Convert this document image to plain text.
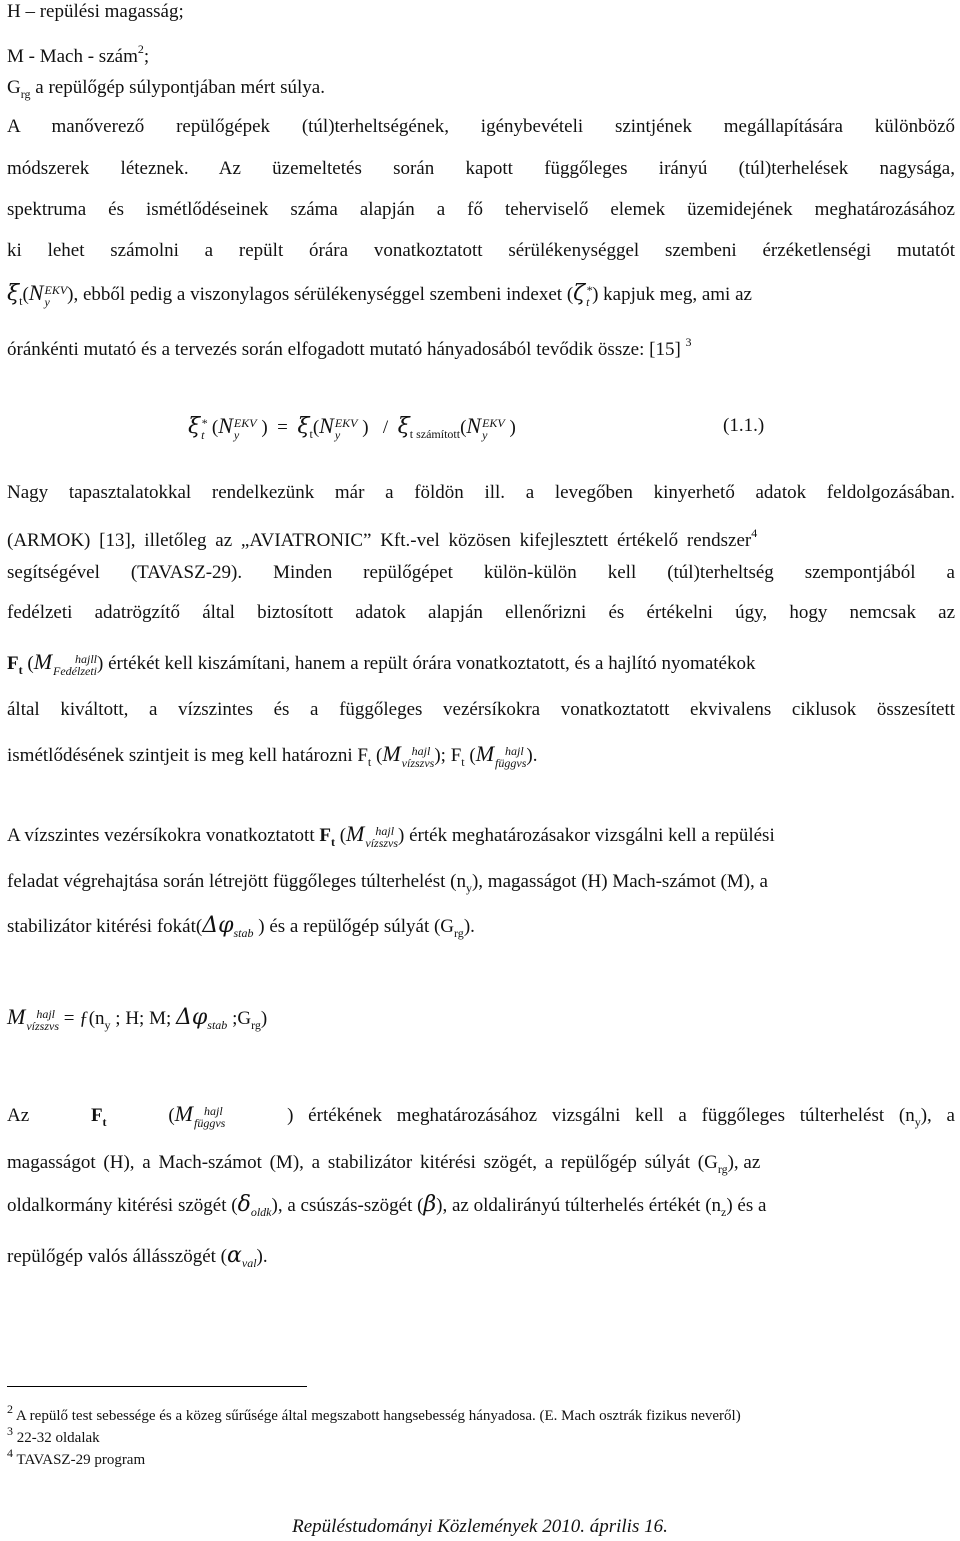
H – repülési magasság;
M - Mach - szám$^2$;
$G_{rg}$ a repülőgép súlypontjában mért súlya.
A manőverező repülőgépek (túl)terheltségének, igénybevételi szintjének megállapítására különböző
módszerek léteznek. Az üzemeltetés során kapott függőleges irányú (túl)terhelések nagysága,
spektruma és ismétlődéseinek száma alapján a fő teherviselő elemek üzemidejének meghatározásához
ki lehet számolni a repült órára vonatkoztatott sérülékenységgel szembeni érzéketlenségi mutatót
$\xi_t(N$ EKV
y ), ebből pedig a viszonylagos sérülékenységgel szembeni indexet (ζ *
t ) kapjuk meg, ami az
óránkénti mutató és a tervezés során elfogadott mutató hányadosából tevődik össze: [15] $^3$
ξ *
t (N EKV
y	) = $\xi_t(N$ EKV
y	) / $\xi_{t számított}(N$ EKV
y	)	(1.1.)
Nagy tapasztalatokkal rendelkezünk már a földön ill. a levegőben kinyerhető adatok feldolgozásában.
(ARMOK) [13], illetőleg az „AVIATRONIC” Kft.-vel közösen kifejlesztett értékelő rendszer$^4$
segítségével (TAVASZ-29). Minden repülőgépet külön-külön kell (túl)terheltség szempontjából a
fedélzeti adatrögzítő által biztosított adatok alapján ellenőrizni és értékelni úgy, hogy nemcsak az
$F_t$ (M	hajll
Fedélzeti ) értékét kell kiszámítani, hanem a repült órára vonatkoztatott, és a hajlító nyomatékok
által kiváltott, a vízszintes és a függőleges vezérsíkokra vonatkoztatott ekvivalens ciklusok összesített
ismétlődésének szintjeit is meg kell határozni $F_t$ (M hajl
vízszvs ); $F_t$ (M hajl
függvs ).
A vízszintes vezérsíkokra vonatkoztatott $F_t$ (M hajl
vízszvs ) érték meghatározásakor vizsgálni kell a repülési
feladat végrehajtása során létrejött függőleges túlterhelést $(n_y)$, magasságot (H) Mach-számot (M), a
stabilizátor kitérési $fokát(\Delta\varphi_{stab}$ ) és a repülőgép súlyát $(G_{rg})$.
M hajl
vízszvs = $ƒ(n_y$ ; H; M; $\Delta\varphi_{stab}$ $;G_{rg}$)
Az	$F_t$	(M hajl
függvs	) értékének meghatározásához vizsgálni kell a függőleges túlterhelést $(n_y)$, a
magasságot (H), a Mach-számot (M), a stabilizátor kitérési szögét, a repülőgép súlyát $(G_{rg})$, az
oldalkormány kitérési szögét $(\delta_{oldk})$, a csúszás-szögét (β), az oldalirányú túlterhelés értékét $(n_z)$ és a
repülőgép valós állásszögét $(\alpha_{val})$.
$^2$ A repülő test sebessége és a közeg sűrűsége által megszabott hangsebesség hányadosa. (E. Mach osztrák fizikus neveről)
$^3$ 22-32 oldalak
$^4$ TAVASZ-29 program
Repüléstudományi Közlemények 2010. április 16.
